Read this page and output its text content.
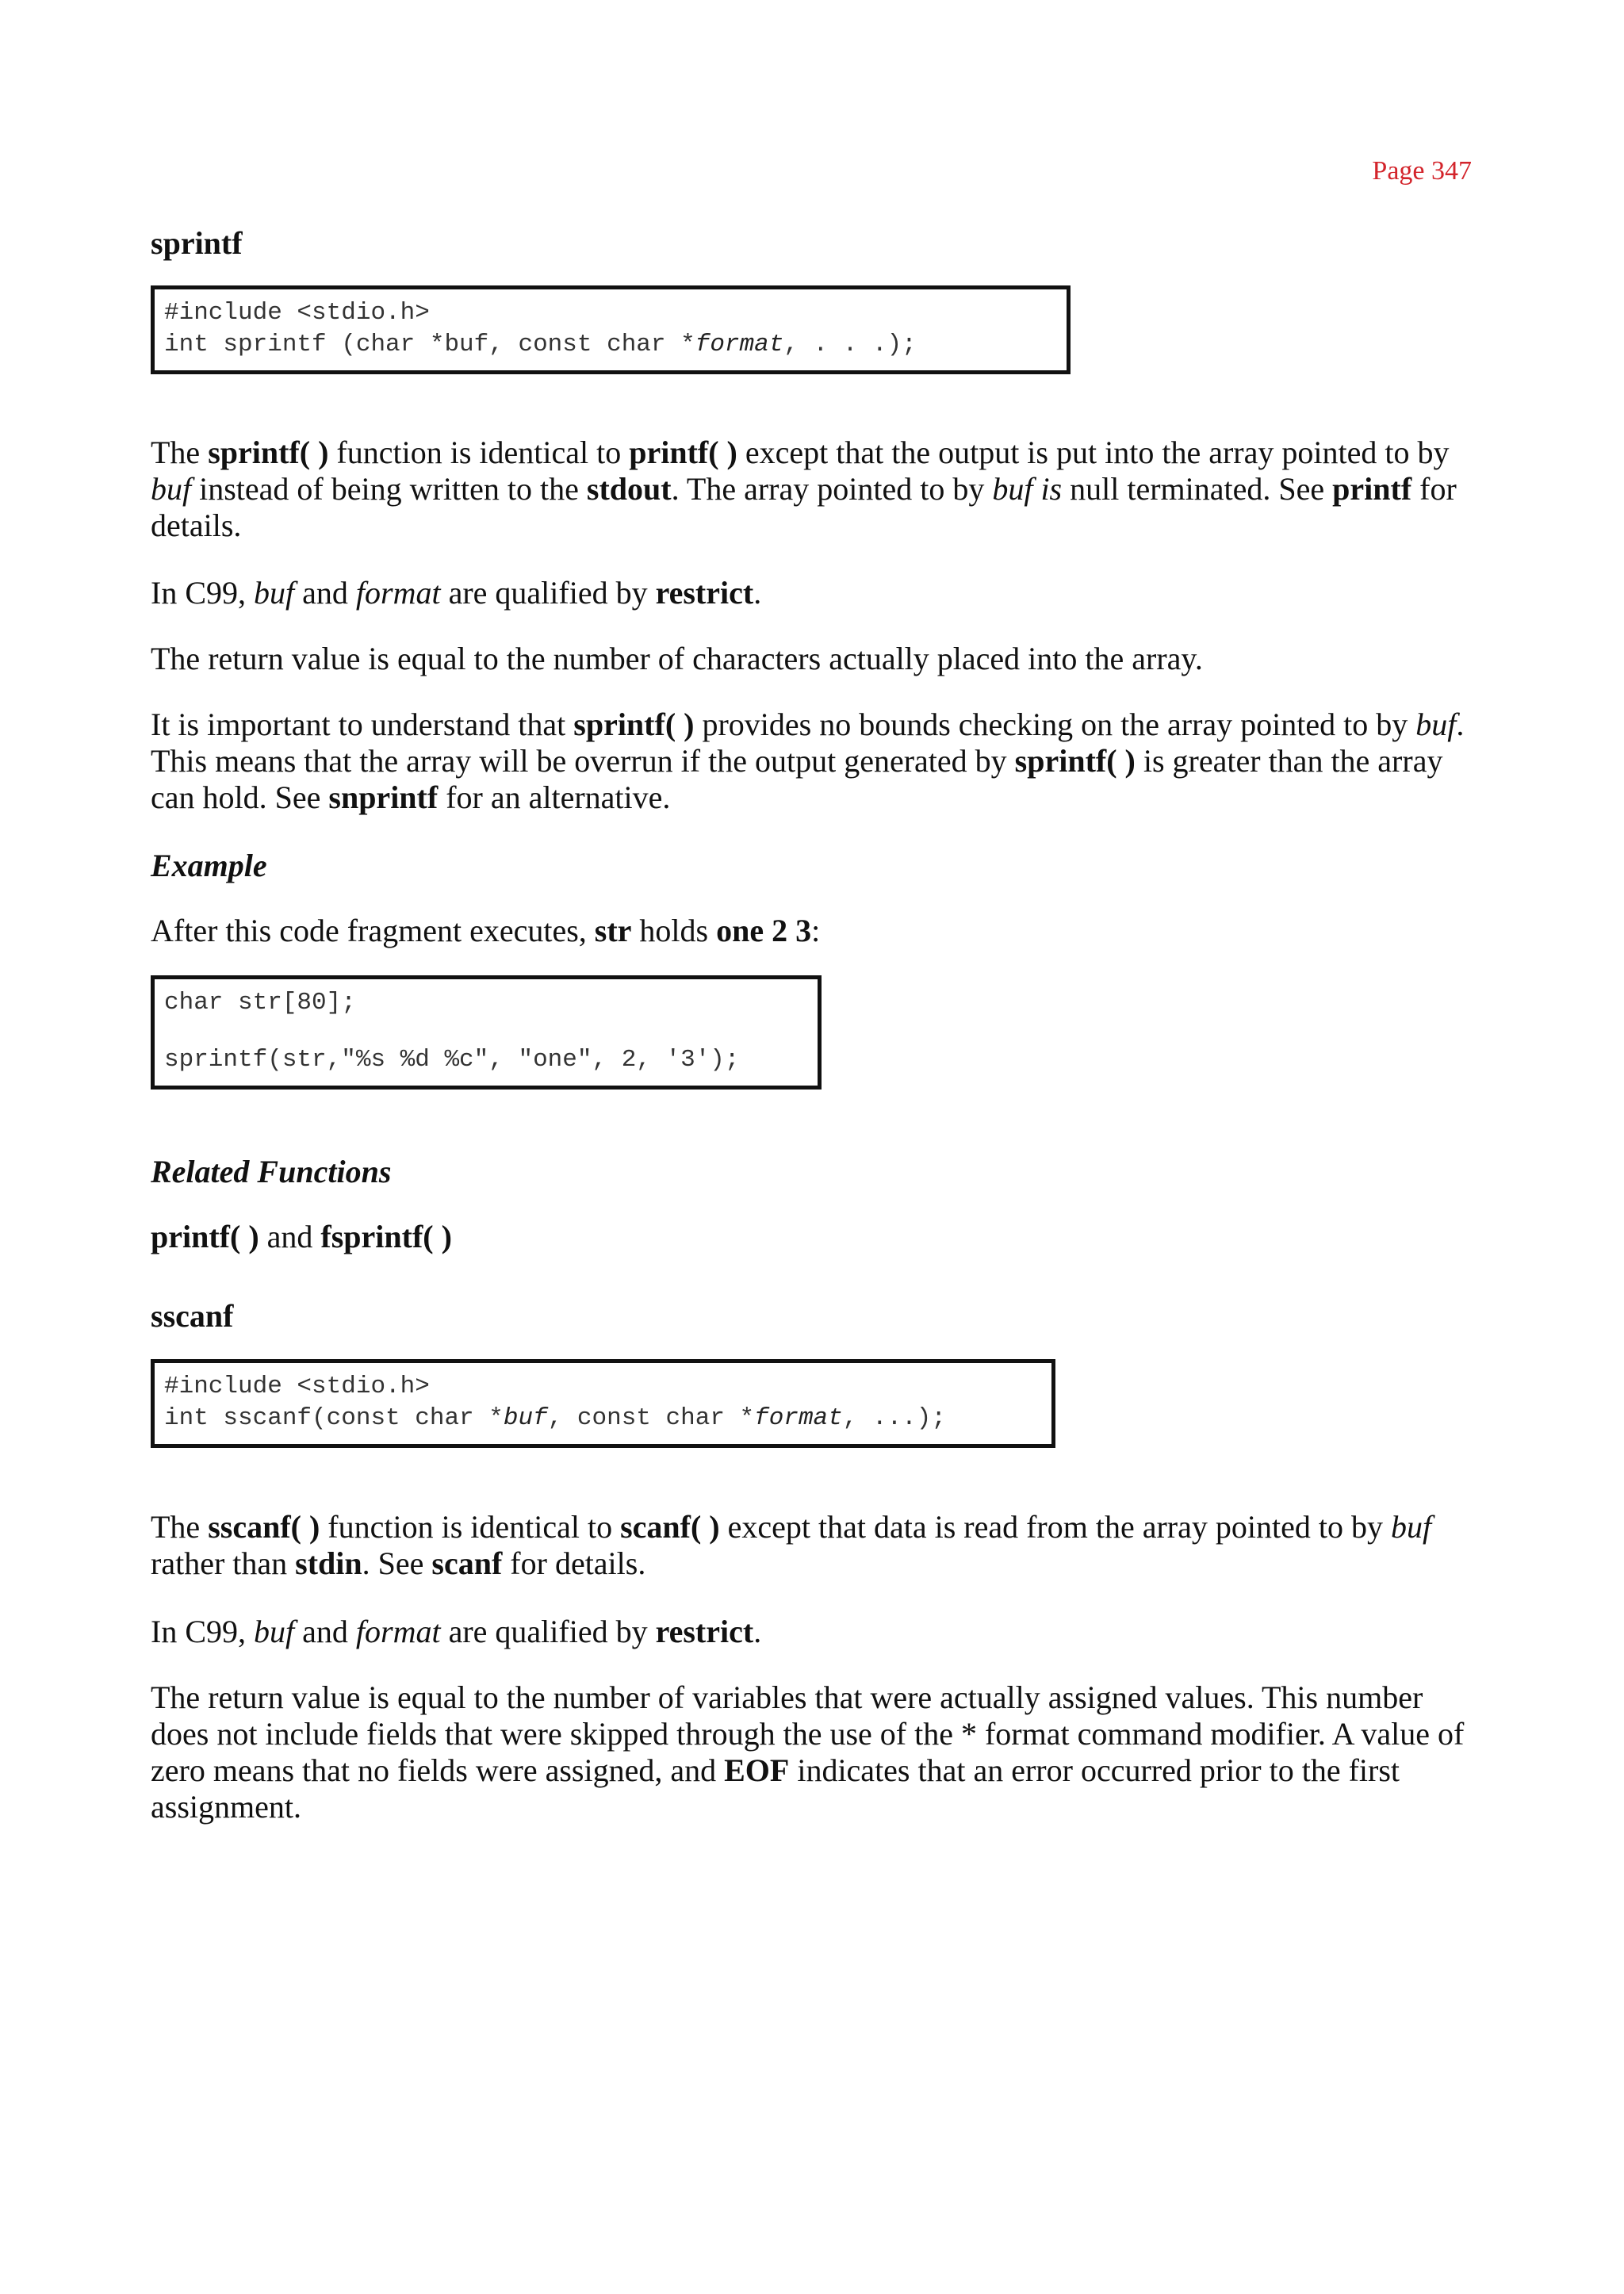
Page 347
sprintf
#include <stdio.h>
int sprintf (char *buf, const char *format, . . .);

The sprintf( ) function is identical to printf( ) except that the output is put into the array pointed to by buf instead of being written to the stdout. The array pointed to by buf is null terminated. See printf for details.

In C99, buf and format are qualified by restrict.

The return value is equal to the number of characters actually placed into the array.

It is important to understand that sprintf( ) provides no bounds checking on the array pointed to by buf. This means that the array will be overrun if the output generated by sprintf( ) is greater than the array can hold. See snprintf for an alternative.

Example

After this code fragment executes, str holds one 2 3:

char str[80];
sprintf(str,"%s %d %c", "one", 2, '3');
Related Functions

printf( ) and fsprintf( )

sscanf
#include <stdio.h>
int sscanf(const char *buf, const char *format, ...);

The sscanf( ) function is identical to scanf( ) except that data is read from the array pointed to by buf rather than stdin. See scanf for details.

In C99, buf and format are qualified by restrict.

The return value is equal to the number of variables that were actually assigned values. This number does not include fields that were skipped through the use of the * format command modifier. A value of zero means that no fields were assigned, and EOF indicates that an error occurred prior to the first assignment.
